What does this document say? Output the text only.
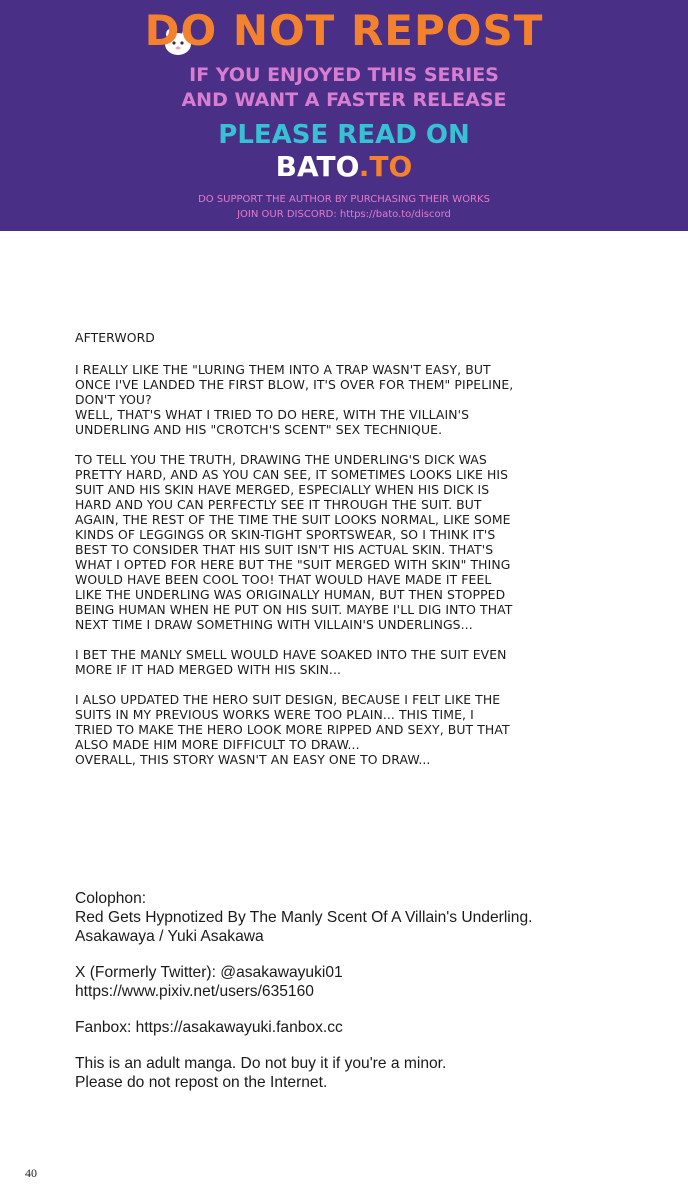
DO NOT REPOST
IF YOU ENJOYED THIS SERIES
AND WANT A FASTER RELEASE
PLEASE READ ON
BATO.TO
DO SUPPORT THE AUTHOR BY PURCHASING THEIR WORKS
JOIN OUR DISCORD: https://bato.to/discord
AFTERWORD

I REALLY LIKE THE "LURING THEM INTO A TRAP WASN'T EASY, BUT
ONCE I'VE LANDED THE FIRST BLOW, IT'S OVER FOR THEM" PIPELINE,
DON'T YOU?
WELL, THAT'S WHAT I TRIED TO DO HERE, WITH THE VILLAIN'S
UNDERLING AND HIS "CROTCH'S SCENT" SEX TECHNIQUE.

TO TELL YOU THE TRUTH, DRAWING THE UNDERLING'S DICK WAS
PRETTY HARD, AND AS YOU CAN SEE, IT SOMETIMES LOOKS LIKE HIS
SUIT AND HIS SKIN HAVE MERGED, ESPECIALLY WHEN HIS DICK IS
HARD AND YOU CAN PERFECTLY SEE IT THROUGH THE SUIT. BUT
AGAIN, THE REST OF THE TIME THE SUIT LOOKS NORMAL, LIKE SOME
KINDS OF LEGGINGS OR SKIN-TIGHT SPORTSWEAR, SO I THINK IT'S
BEST TO CONSIDER THAT HIS SUIT ISN'T HIS ACTUAL SKIN. THAT'S
WHAT I OPTED FOR HERE BUT THE "SUIT MERGED WITH SKIN" THING
WOULD HAVE BEEN COOL TOO! THAT WOULD HAVE MADE IT FEEL
LIKE THE UNDERLING WAS ORIGINALLY HUMAN, BUT THEN STOPPED
BEING HUMAN WHEN HE PUT ON HIS SUIT. MAYBE I'LL DIG INTO THAT
NEXT TIME I DRAW SOMETHING WITH VILLAIN'S UNDERLINGS...

I BET THE MANLY SMELL WOULD HAVE SOAKED INTO THE SUIT EVEN
MORE IF IT HAD MERGED WITH HIS SKIN...

I ALSO UPDATED THE HERO SUIT DESIGN, BECAUSE I FELT LIKE THE
SUITS IN MY PREVIOUS WORKS WERE TOO PLAIN... THIS TIME, I
TRIED TO MAKE THE HERO LOOK MORE RIPPED AND SEXY, BUT THAT
ALSO MADE HIM MORE DIFFICULT TO DRAW...
OVERALL, THIS STORY WASN'T AN EASY ONE TO DRAW...

Colophon:
Red Gets Hypnotized By The Manly Scent Of A Villain's Underling.
Asakawaya / Yuki Asakawa
X (Formerly Twitter): @asakawayuki01
https://www.pixiv.net/users/635160
Fanbox: https://asakawayuki.fanbox.cc
This is an adult manga. Do not buy it if you're a minor.
Please do not repost on the Internet.
40
